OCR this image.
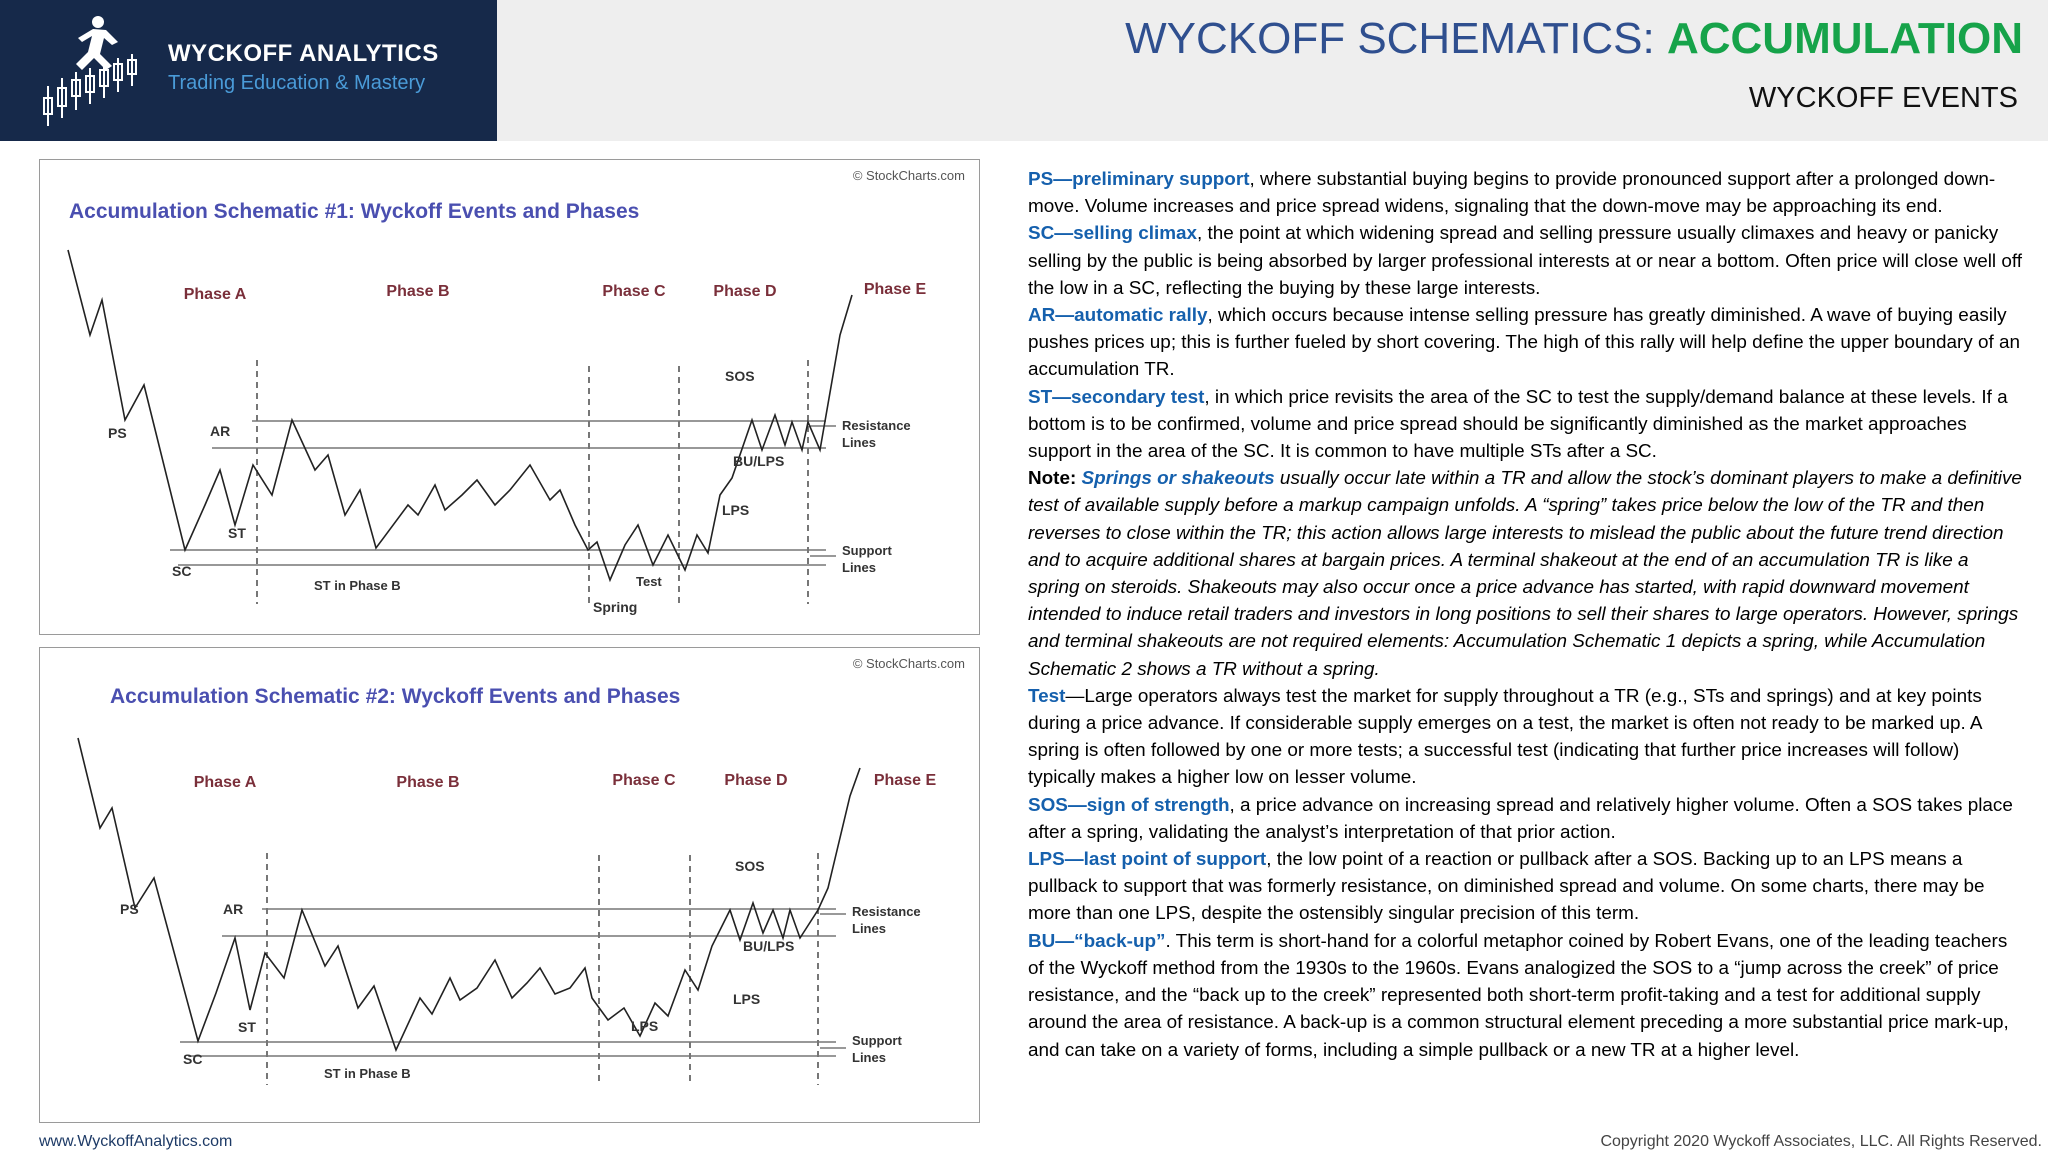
WYCKOFF ANALYTICS
Trading Education & Mastery
WYCKOFF SCHEMATICS: ACCUMULATION
WYCKOFF EVENTS
© StockCharts.com
Accumulation Schematic #1: Wyckoff Events and Phases
Phase A	Phase B	Phase C	Phase D	Phase E
PS	AR
ST
SC
ST in Phase B
Spring
Test
SOS
BU/LPS
LPS
Resistance
Lines
Support
Lines
© StockCharts.com
Accumulation Schematic #2: Wyckoff Events and Phases
Phase A	Phase B	Phase C	Phase D	Phase E
PS	AR
ST
SC
ST in Phase B
LPS
SOS
BU/LPS
LPS
Resistance
Lines
Support
Lines

PS—preliminary support, where substantial buying begins to provide pronounced support after a prolonged down-move. Volume increases and price spread widens, signaling that the down-move may be approaching its end.

SC—selling climax, the point at which widening spread and selling pressure usually climaxes and heavy or panicky selling by the public is being absorbed by larger professional interests at or near a bottom. Often price will close well off the low in a SC, reflecting the buying by these large interests.

AR—automatic rally, which occurs because intense selling pressure has greatly diminished. A wave of buying easily pushes prices up; this is further fueled by short covering. The high of this rally will help define the upper boundary of an accumulation TR.

ST—secondary test, in which price revisits the area of the SC to test the supply/demand balance at these levels. If a bottom is to be confirmed, volume and price spread should be significantly diminished as the market approaches support in the area of the SC. It is common to have multiple STs after a SC.

Note: Springs or shakeouts usually occur late within a TR and allow the stock’s dominant players to make a definitive test of available supply before a markup campaign unfolds. A “spring” takes price below the low of the TR and then reverses to close within the TR; this action allows large interests to mislead the public about the future trend direction and to acquire additional shares at bargain prices. A terminal shakeout at the end of an accumulation TR is like a spring on steroids. Shakeouts may also occur once a price advance has started, with rapid downward movement intended to induce retail traders and investors in long positions to sell their shares to large operators. However, springs and terminal shakeouts are not required elements: Accumulation Schematic 1 depicts a spring, while Accumulation Schematic 2 shows a TR without a spring.

Test—Large operators always test the market for supply throughout a TR (e.g., STs and springs) and at key points during a price advance. If considerable supply emerges on a test, the market is often not ready to be marked up. A spring is often followed by one or more tests; a successful test (indicating that further price increases will follow) typically makes a higher low on lesser volume.

SOS—sign of strength, a price advance on increasing spread and relatively higher volume. Often a SOS takes place after a spring, validating the analyst’s interpretation of that prior action.

LPS—last point of support, the low point of a reaction or pullback after a SOS. Backing up to an LPS means a pullback to support that was formerly resistance, on diminished spread and volume. On some charts, there may be more than one LPS, despite the ostensibly singular precision of this term.

BU—“back-up”. This term is short-hand for a colorful metaphor coined by Robert Evans, one of the leading teachers of the Wyckoff method from the 1930s to the 1960s. Evans analogized the SOS to a “jump across the creek” of price resistance, and the “back up to the creek” represented both short-term profit-taking and a test for additional supply around the area of resistance. A back-up is a common structural element preceding a more substantial price mark-up, and can take on a variety of forms, including a simple pullback or a new TR at a higher level.

www.WyckoffAnalytics.com	Copyright 2020 Wyckoff Associates, LLC. All Rights Reserved.
